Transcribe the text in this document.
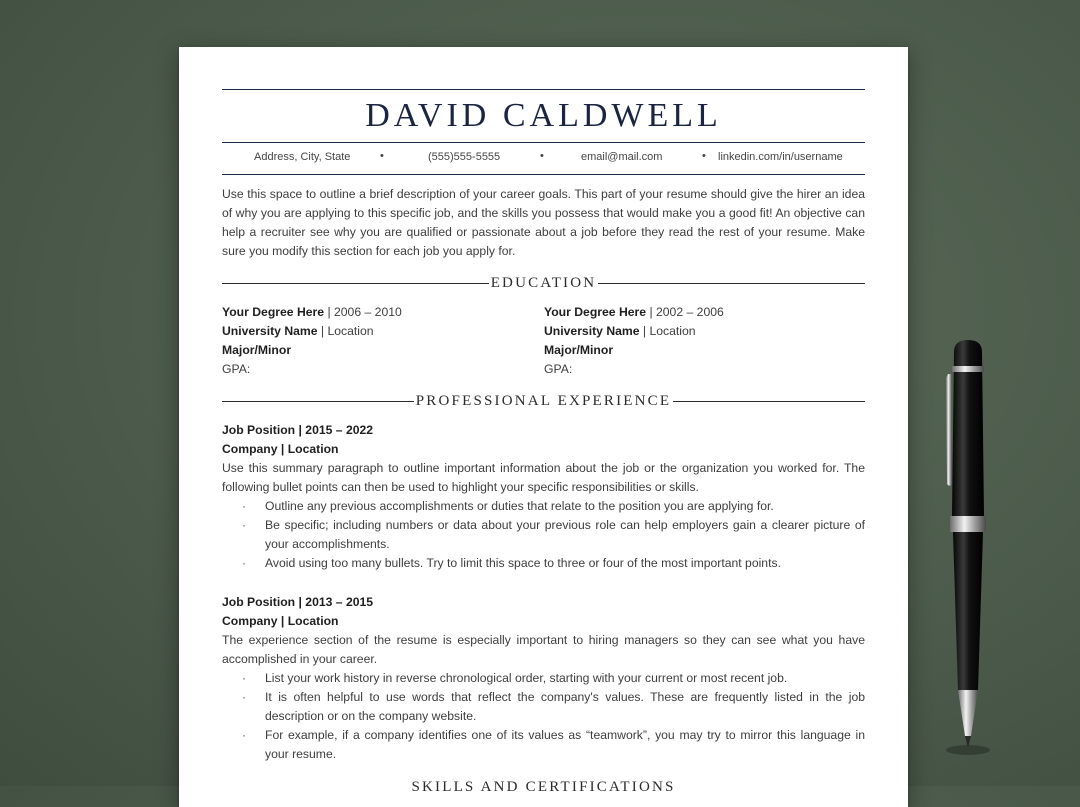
DAVID CALDWELL
Address, City, State	•	(555)555-5555	•	email@mail.com	• linkedin.com/in/username

Use this space to outline a brief description of your career goals. This part of your resume should give the hirer an idea of why you are applying to this specific job, and the skills you possess that would make you a good fit! An objective can help a recruiter see why you are qualified or passionate about a job before they read the rest of your resume. Make sure you modify this section for each job you apply for.

EDUCATION
Your Degree Here | 2006 – 2010
University Name | Location
Major/Minor
GPA:
Your Degree Here | 2002 – 2006
University Name | Location
Major/Minor
GPA:
PROFESSIONAL EXPERIENCE
Job Position | 2015 – 2022
Company | Location
Use this summary paragraph to outline important information about the job or the organization you worked for. The following bullet points can then be used to highlight your specific responsibilities or skills.
· Outline any previous accomplishments or duties that relate to the position you are applying for.
· Be specific; including numbers or data about your previous role can help employers gain a clearer picture of your accomplishments.
· Avoid using too many bullets. Try to limit this space to three or four of the most important points.
Job Position | 2013 – 2015
Company | Location
The experience section of the resume is especially important to hiring managers so they can see what you have accomplished in your career.
· List your work history in reverse chronological order, starting with your current or most recent job.
· It is often helpful to use words that reflect the company's values. These are frequently listed in the job description or on the company website.
· For example, if a company identifies one of its values as “teamwork”, you may try to mirror this language in your resume.
SKILLS AND CERTIFICATIONS
